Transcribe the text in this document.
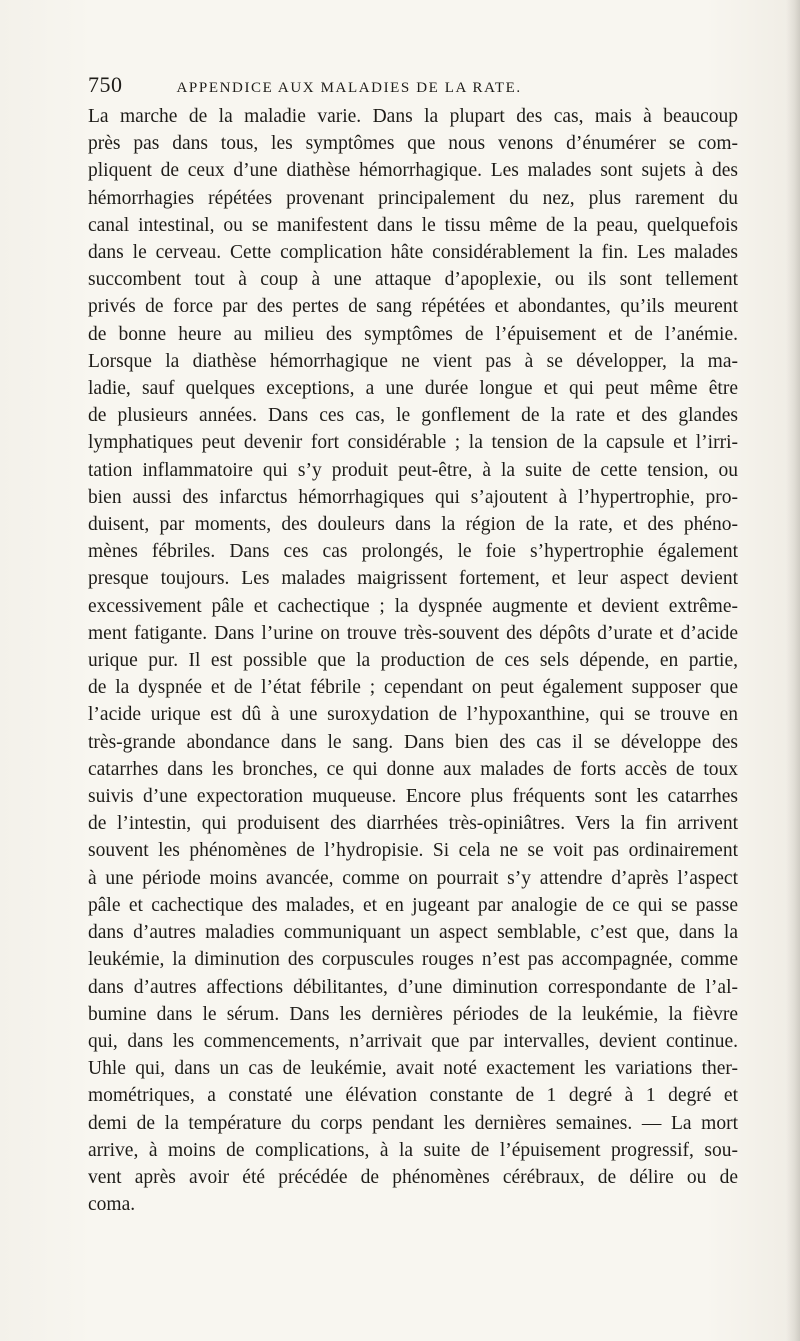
750	APPENDICE AUX MALADIES DE LA RATE.
La marche de la maladie varie. Dans la plupart des cas, mais à beaucoup
près pas dans tous, les symptômes que nous venons d’énumérer se com-
pliquent de ceux d’une diathèse hémorrhagique. Les malades sont sujets à des
hémorrhagies répétées provenant principalement du nez, plus rarement du
canal intestinal, ou se manifestent dans le tissu même de la peau, quelquefois
dans le cerveau. Cette complication hâte considérablement la fin. Les malades
succombent tout à coup à une attaque d’apoplexie, ou ils sont tellement
privés de force par des pertes de sang répétées et abondantes, qu’ils meurent
de bonne heure au milieu des symptômes de l’épuisement et de l’anémie.
Lorsque la diathèse hémorrhagique ne vient pas à se développer, la ma-
ladie, sauf quelques exceptions, a une durée longue et qui peut même être
de plusieurs années. Dans ces cas, le gonflement de la rate et des glandes
lymphatiques peut devenir fort considérable ; la tension de la capsule et l’irri-
tation inflammatoire qui s’y produit peut-être, à la suite de cette tension, ou
bien aussi des infarctus hémorrhagiques qui s’ajoutent à l’hypertrophie, pro-
duisent, par moments, des douleurs dans la région de la rate, et des phéno-
mènes fébriles. Dans ces cas prolongés, le foie s’hypertrophie également
presque toujours. Les malades maigrissent fortement, et leur aspect devient
excessivement pâle et cachectique ; la dyspnée augmente et devient extrême-
ment fatigante. Dans l’urine on trouve très-souvent des dépôts d’urate et d’acide
urique pur. Il est possible que la production de ces sels dépende, en partie,
de la dyspnée et de l’état fébrile ; cependant on peut également supposer que
l’acide urique est dû à une suroxydation de l’hypoxanthine, qui se trouve en
très-grande abondance dans le sang. Dans bien des cas il se développe des
catarrhes dans les bronches, ce qui donne aux malades de forts accès de toux
suivis d’une expectoration muqueuse. Encore plus fréquents sont les catarrhes
de l’intestin, qui produisent des diarrhées très-opiniâtres. Vers la fin arrivent
souvent les phénomènes de l’hydropisie. Si cela ne se voit pas ordinairement
à une période moins avancée, comme on pourrait s’y attendre d’après l’aspect
pâle et cachectique des malades, et en jugeant par analogie de ce qui se passe
dans d’autres maladies communiquant un aspect semblable, c’est que, dans la
leukémie, la diminution des corpuscules rouges n’est pas accompagnée, comme
dans d’autres affections débilitantes, d’une diminution correspondante de l’al-
bumine dans le sérum. Dans les dernières périodes de la leukémie, la fièvre
qui, dans les commencements, n’arrivait que par intervalles, devient continue.
Uhle qui, dans un cas de leukémie, avait noté exactement les variations ther-
mométriques, a constaté une élévation constante de 1 degré à 1 degré et
demi de la température du corps pendant les dernières semaines. — La mort
arrive, à moins de complications, à la suite de l’épuisement progressif, sou-
vent après avoir été précédée de phénomènes cérébraux, de délire ou de
coma.
